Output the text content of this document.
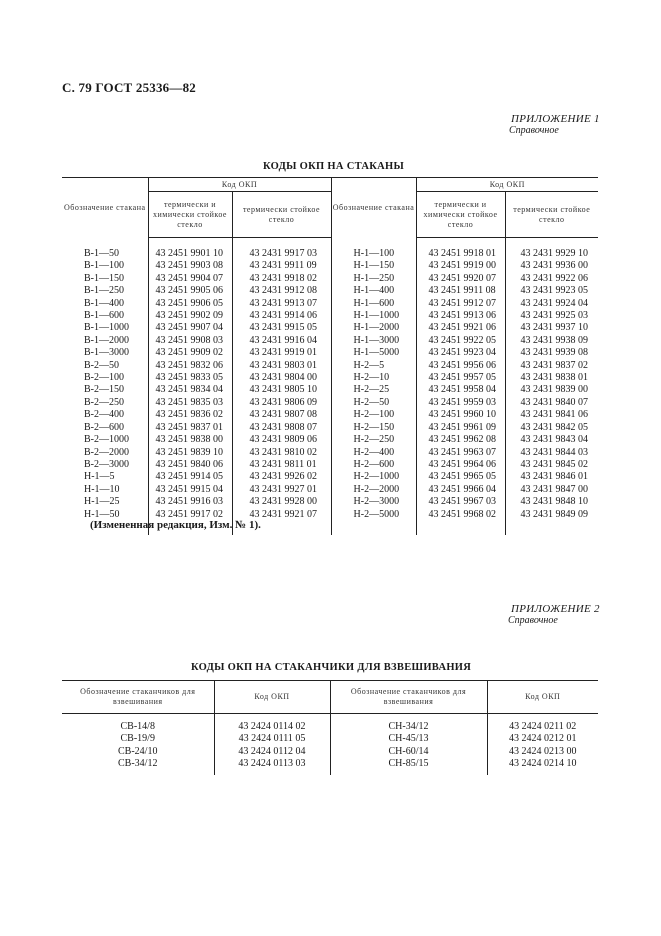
С. 79 ГОСТ 25336—82
ПРИЛОЖЕНИЕ 1
Справочное
КОДЫ ОКП НА СТАКАНЫ
Обозначение стакана	Код ОКП		Обозначение стакана	Код ОКП	
	термически и химически стойкое стекло	термически стойкое стекло		термически и химически стойкое стекло	термически стойкое стекло
В-1—50	43 2451 9901 10	43 2431 9917 03	Н-1—100	43 2451 9918 01	43 2431 9929 10
В-1—100	43 2451 9903 08	43 2431 9911 09	Н-1—150	43 2451 9919 00	43 2431 9936 00
В-1—150	43 2451 9904 07	43 2431 9918 02	Н-1—250	43 2451 9920 07	43 2431 9922 06
В-1—250	43 2451 9905 06	43 2431 9912 08	Н-1—400	43 2451 9911 08	43 2431 9923 05
В-1—400	43 2451 9906 05	43 2431 9913 07	Н-1—600	43 2451 9912 07	43 2431 9924 04
В-1—600	43 2451 9902 09	43 2431 9914 06	Н-1—1000	43 2451 9913 06	43 2431 9925 03
В-1—1000	43 2451 9907 04	43 2431 9915 05	Н-1—2000	43 2451 9921 06	43 2431 9937 10
В-1—2000	43 2451 9908 03	43 2431 9916 04	Н-1—3000	43 2451 9922 05	43 2431 9938 09
В-1—3000	43 2451 9909 02	43 2431 9919 01	Н-1—5000	43 2451 9923 04	43 2431 9939 08
В-2—50	43 2451 9832 06	43 2431 9803 01	Н-2—5	43 2451 9956 06	43 2431 9837 02
В-2—100	43 2451 9833 05	43 2431 9804 00	Н-2—10	43 2451 9957 05	43 2431 9838 01
В-2—150	43 2451 9834 04	43 2431 9805 10	Н-2—25	43 2451 9958 04	43 2431 9839 00
В-2—250	43 2451 9835 03	43 2431 9806 09	Н-2—50	43 2451 9959 03	43 2431 9840 07
В-2—400	43 2451 9836 02	43 2431 9807 08	Н-2—100	43 2451 9960 10	43 2431 9841 06
В-2—600	43 2451 9837 01	43 2431 9808 07	Н-2—150	43 2451 9961 09	43 2431 9842 05
В-2—1000	43 2451 9838 00	43 2431 9809 06	Н-2—250	43 2451 9962 08	43 2431 9843 04
В-2—2000	43 2451 9839 10	43 2431 9810 02	Н-2—400	43 2451 9963 07	43 2431 9844 03
В-2—3000	43 2451 9840 06	43 2431 9811 01	Н-2—600	43 2451 9964 06	43 2431 9845 02
Н-1—5	43 2451 9914 05	43 2431 9926 02	Н-2—1000	43 2451 9965 05	43 2431 9846 01
Н-1—10	43 2451 9915 04	43 2431 9927 01	Н-2—2000	43 2451 9966 04	43 2431 9847 00
Н-1—25	43 2451 9916 03	43 2431 9928 00	Н-2—3000	43 2451 9967 03	43 2431 9848 10
Н-1—50	43 2451 9917 02	43 2431 9921 07	Н-2—5000	43 2451 9968 02	43 2431 9849 09
(Измененная редакция, Изм. № 1).
ПРИЛОЖЕНИЕ 2
Справочное
КОДЫ ОКП НА СТАКАНЧИКИ ДЛЯ ВЗВЕШИВАНИЯ
Обозначение стаканчиков для взвешивания	Код ОКП	Обозначение стаканчиков для взвешивания	Код ОКП
СВ-14/8	43 2424 0114 02	СН-34/12	43 2424 0211 02
СВ-19/9	43 2424 0111 05	СН-45/13	43 2424 0212 01
СВ-24/10	43 2424 0112 04	СН-60/14	43 2424 0213 00
СВ-34/12	43 2424 0113 03	СН-85/15	43 2424 0214 10
